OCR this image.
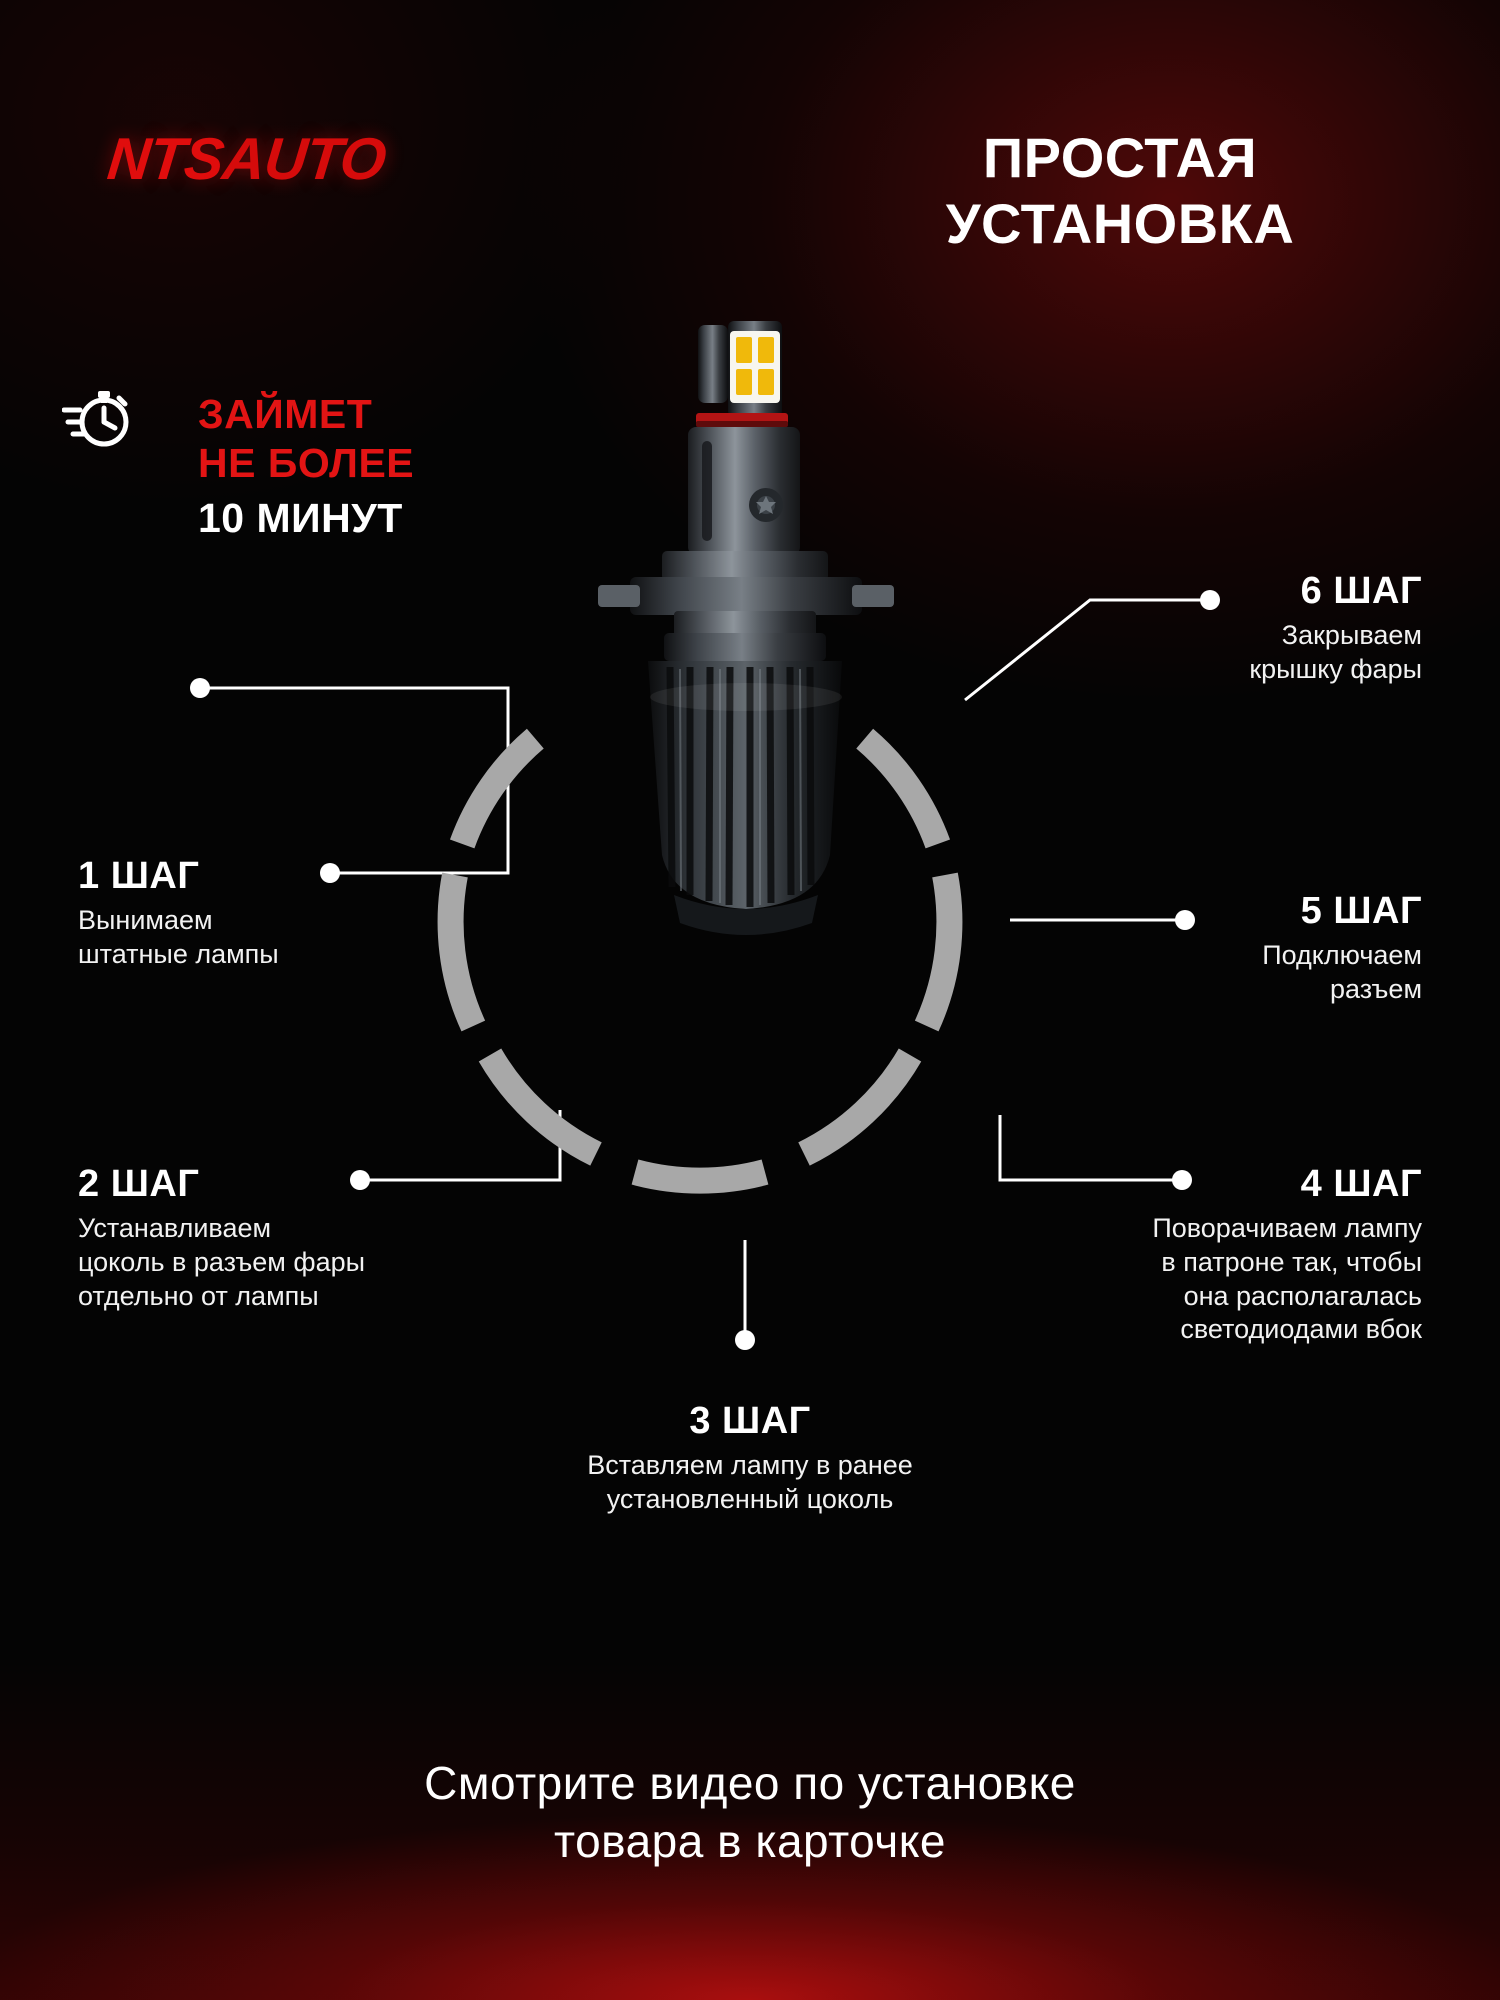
NTSAUTO	ПРОСТАЯ
УСТАНОВКА
ЗАЙМЕТ
НЕ БОЛЕЕ
10 МИНУТ
1 ШАГ
Вынимаем
штатные лампы
2 ШАГ
Устанавливаем
цоколь в разъем фары
отдельно от лампы
3 ШАГ
Вставляем лампу в ранее
установленный цоколь
4 ШАГ
Поворачиваем лампу
в патроне так, чтобы
она располагалась
светодиодами вбок
5 ШАГ
Подключаем
разъем
6 ШАГ
Закрываем
крышку фары
Смотрите видео по установке
товара в карточке
